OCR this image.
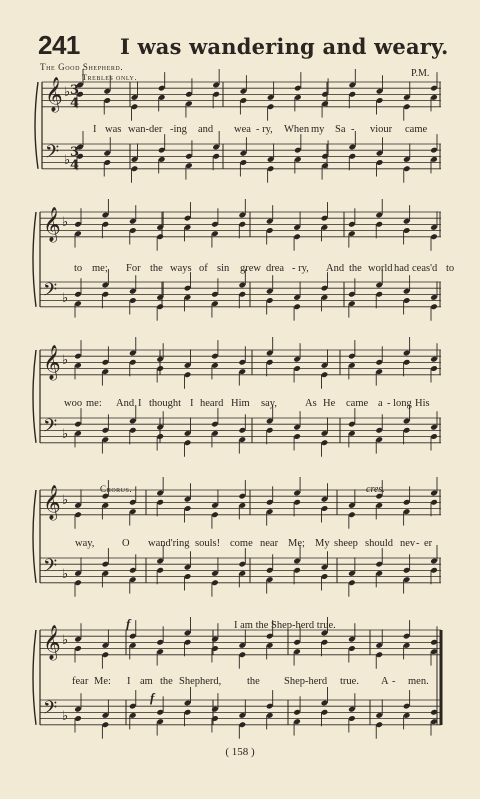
241 I was wandering and weary.
The Good Shepherd.
Trebles only.	P.M.
𝄞 ♭
𝄢 ♭
𝄞 ♭
𝄢 ♭
𝄞 ♭
𝄢 ♭
𝄞 ♭
𝄢 ♭
𝄞 ♭
𝄢 ♭
3
4
3
4
I was wan-der -ing and wea - ry, When my Sa - viour came
to me; For the ways of sin grew drea - ry, And the world had ceas'd to
woo me: And I thought I heard Him say,	As He came a - long His
way,	O wand'ring souls! come near Me; My sheep should nev - er
fear Me: I am the Shepherd, the Shep-herd true. A - men.
Chorus.	cres.
f
f
I am the Shep-herd true.
( 158 )
